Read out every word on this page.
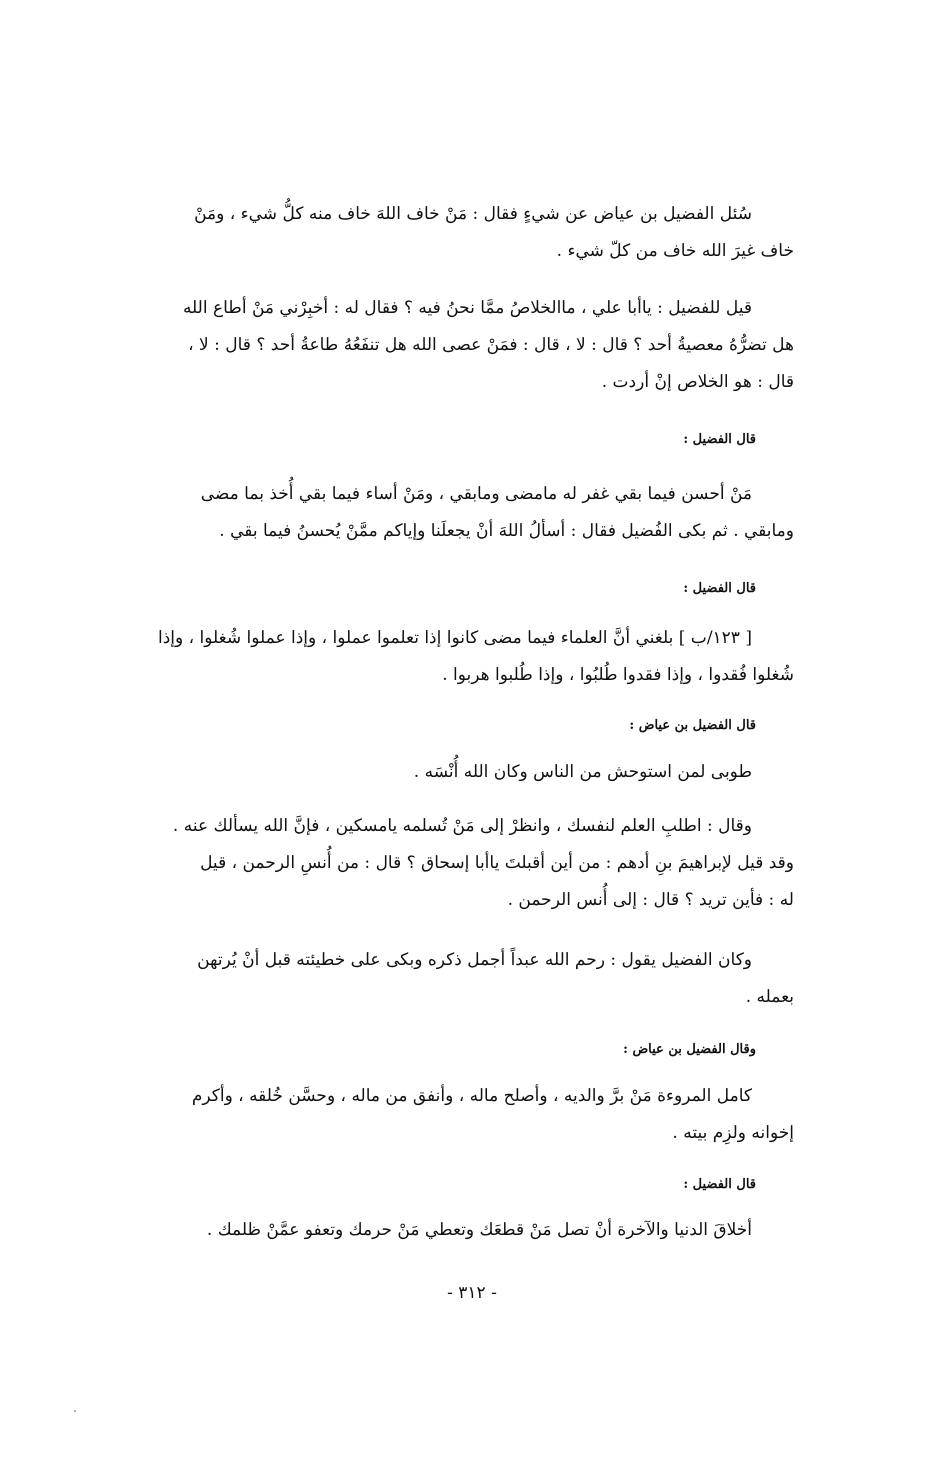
سُئل الفضيل بن عياض عن شيءٍ فقال : مَنْ خاف اللهَ خاف منه كلُّ شيء ، ومَنْ
خاف غيرَ الله خاف من كلّ شيء .
قيل للفضيل : ياأبا علي ، ماالخلاصُ ممَّا نحنُ فيه ؟ فقال له : أخبِرْني مَنْ أطاع الله
هل تضرُّهُ معصيةُ أحد ؟ قال : لا ، قال : فمَنْ عصى الله هل تنفَعُهُ طاعةُ أحد ؟ قال : لا ،
قال : هو الخلاص إنْ أردت .
قال الفضيل :
مَنْ أحسن فيما بقي غفر له مامضى ومابقي ، ومَنْ أساء فيما بقي أُخذ بما مضى
ومابقي . ثم بكى الفُضيل فقال : أسألُ اللهَ أنْ يجعلَنا وإياكم ممَّنْ يُحسنُ فيما بقي .
قال الفضيل :
[ ١٢٣/ب ] بلغني أنَّ العلماء فيما مضى كانوا إذا تعلموا عملوا ، وإذا عملوا شُغلوا ، وإذا
شُغلوا فُقدوا ، وإذا فقدوا طُلبُوا ، وإذا طُلبوا هربوا .
قال الفضيل بن عياض :
طوبى لمن استوحش من الناس وكان الله أُنْسَه .
وقال : اطلبِ العلم لنفسك ، وانظرْ إلى مَنْ تُسلمه يامسكين ، فإنَّ الله يسألك عنه .
وقد قيل لإبراهيمَ بنِ أدهم : من أين أقبلتَ ياأبا إسحاق ؟ قال : من أُنسِ الرحمن ، قيل
له : فأين تريد ؟ قال : إلى أُنس الرحمن .
وكان الفضيل يقول : رحم الله عبداً أجمل ذكره وبكى على خطيئته قبل أنْ يُرتهن
بعمله .
وقال الفضيل بن عياض :
كامل المروءة مَنْ برَّ والديه ، وأصلح ماله ، وأنفق من ماله ، وحسَّن خُلقه ، وأكرم
إخوانه ولزِم بيته .
قال الفضيل :
أخلاقَ الدنيا والآخرة أنْ تصل مَنْ قطعَك وتعطي مَنْ حرمك وتعفو عمَّنْ ظلمك .
- ٣١٢ -
